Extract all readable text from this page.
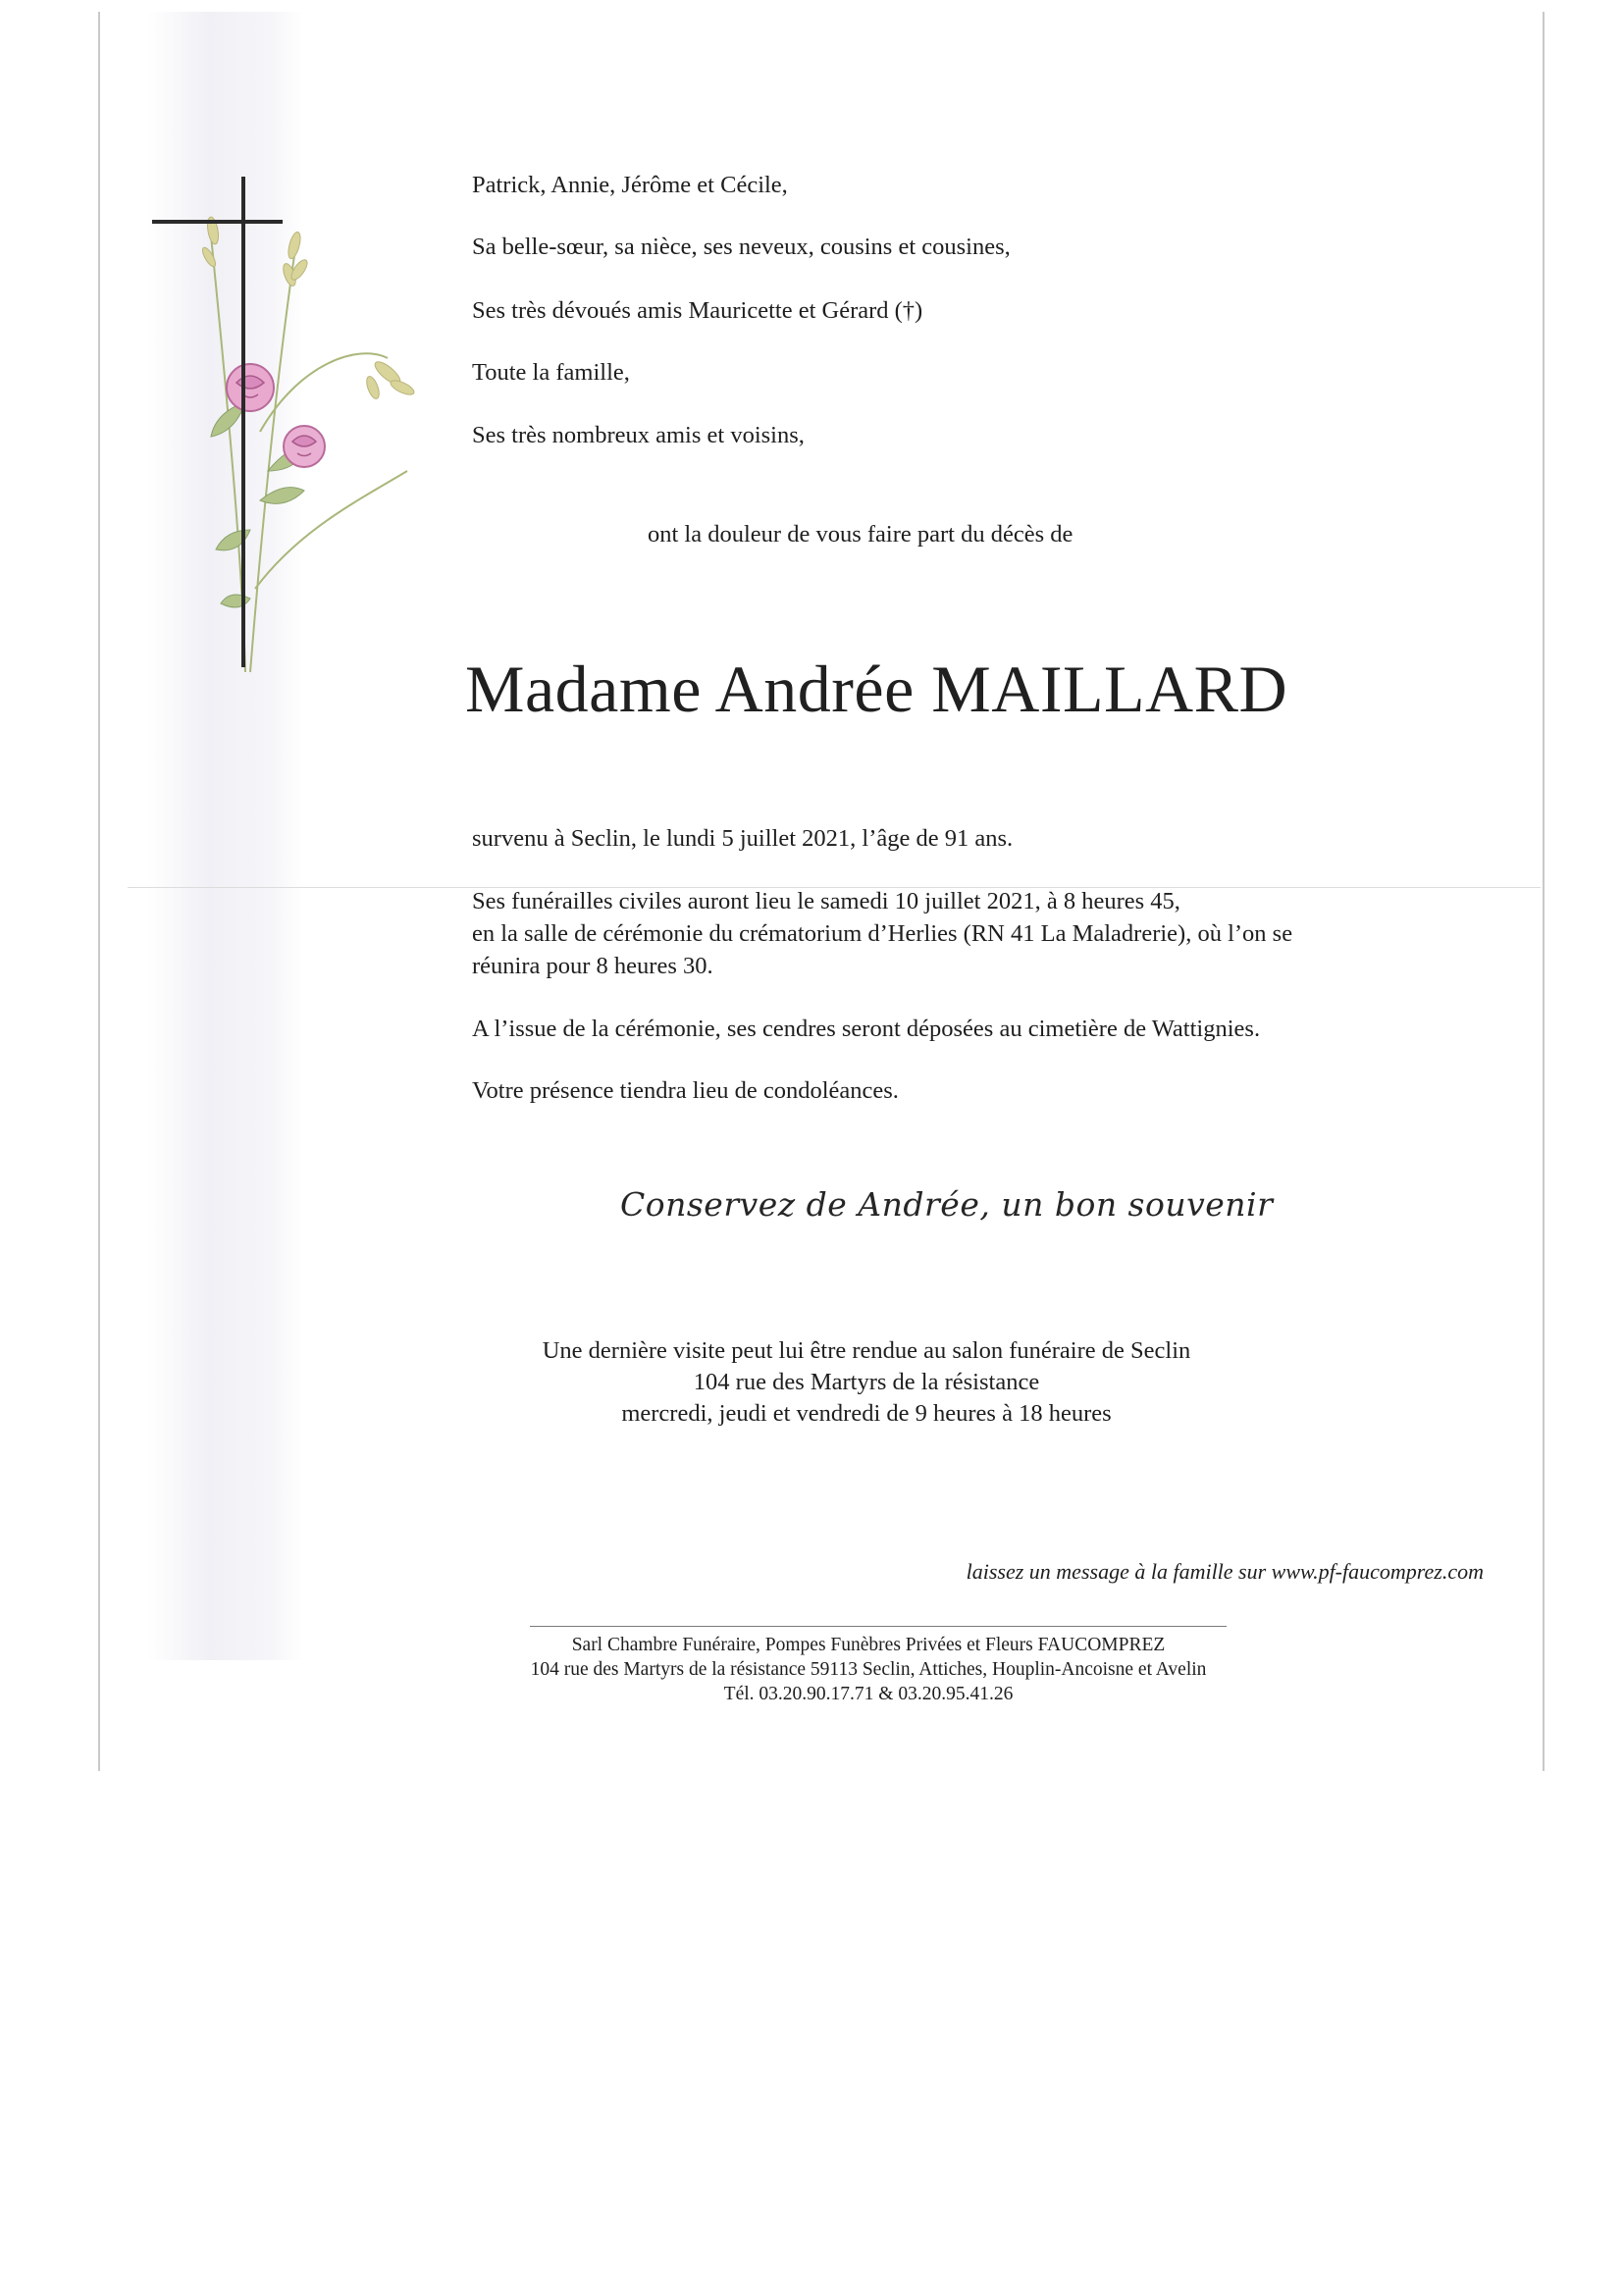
Patrick, Annie, Jérôme et Cécile,
Sa belle-sœur, sa nièce, ses neveux, cousins et cousines,
Ses très dévoués amis Mauricette et Gérard (†)
Toute la famille,
Ses très nombreux amis et voisins,
ont la douleur de vous faire part du décès de
Madame Andrée MAILLARD
survenu à Seclin, le lundi 5 juillet 2021, l’âge de 91 ans.
Ses funérailles civiles auront lieu le samedi 10 juillet 2021, à 8 heures 45,
en la salle de cérémonie du crématorium d’Herlies (RN 41 La Maladrerie), où l’on se
réunira pour 8 heures 30.
A l’issue de la cérémonie, ses cendres seront déposées au cimetière de Wattignies.
Votre présence tiendra lieu de condoléances.
Conservez de Andrée, un bon souvenir
Une dernière visite peut lui être rendue au salon funéraire de Seclin
104 rue des Martyrs de la résistance
mercredi, jeudi et vendredi de 9 heures à 18 heures
laissez un message à la famille sur www.pf-faucomprez.com
Sarl Chambre Funéraire, Pompes Funèbres Privées et Fleurs FAUCOMPREZ
104 rue des Martyrs de la résistance 59113 Seclin, Attiches, Houplin-Ancoisne et Avelin
Tél. 03.20.90.17.71 & 03.20.95.41.26
